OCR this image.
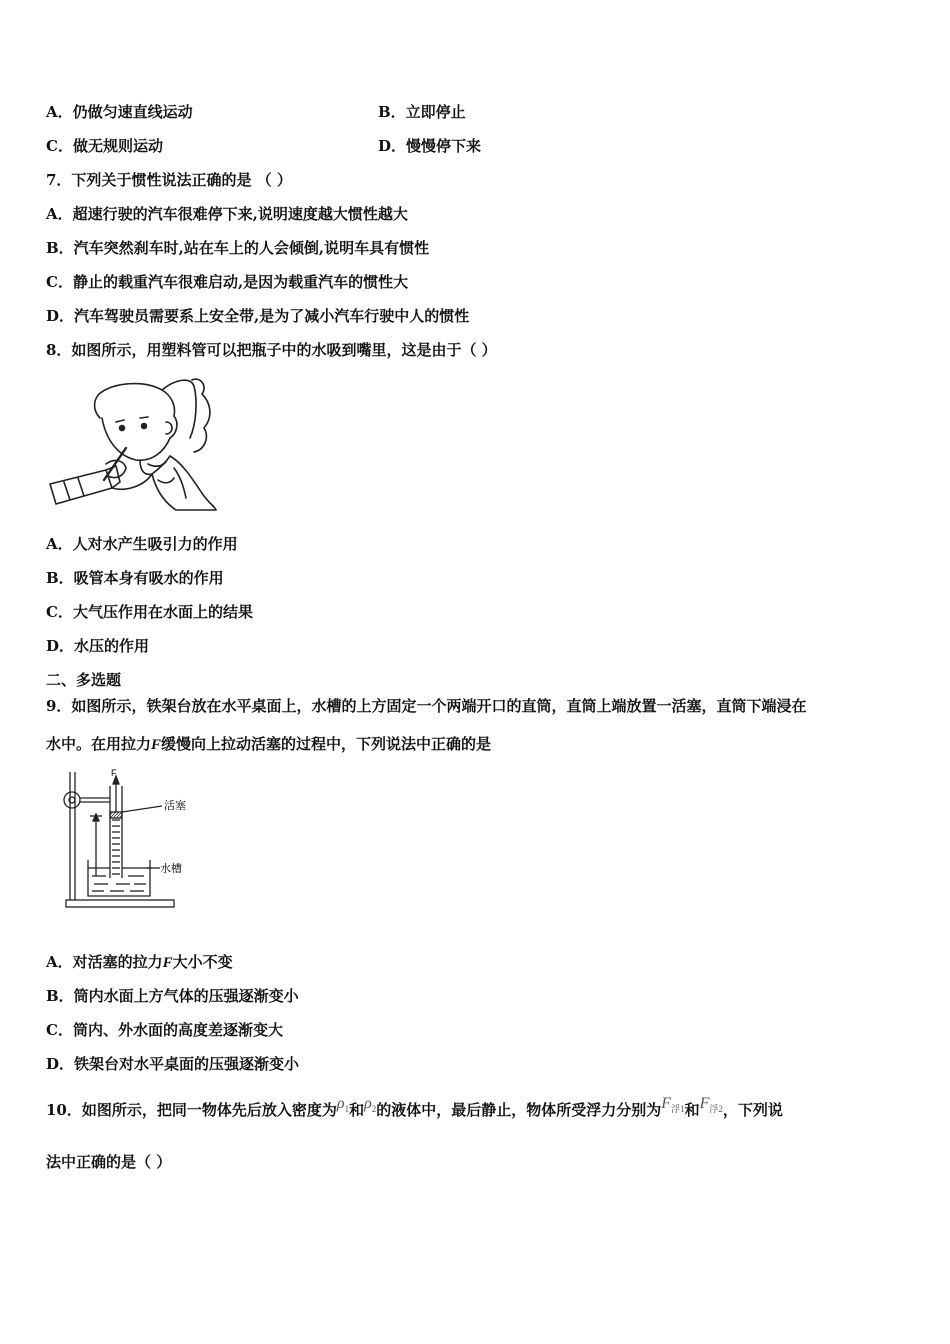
A．仍做匀速直线运动	B．立即停止
C．做无规则运动	D．慢慢停下来
7．下列关于惯性说法正确的是 （ ）
A．超速行驶的汽车很难停下来,说明速度越大惯性越大
B．汽车突然刹车时,站在车上的人会倾倒,说明车具有惯性
C．静止的载重汽车很难启动,是因为载重汽车的惯性大
D．汽车驾驶员需要系上安全带,是为了减小汽车行驶中人的惯性
8．如图所示，用塑料管可以把瓶子中的水吸到嘴里，这是由于（ ）
A．人对水产生吸引力的作用
B．吸管本身有吸水的作用
C．大气压作用在水面上的结果
D．水压的作用
二、多选题
9．如图所示，铁架台放在水平桌面上，水槽的上方固定一个两端开口的直筒，直筒上端放置一活塞，直筒下端浸在
水中。在用拉力F缓慢向上拉动活塞的过程中，下列说法中正确的是
F
活塞
水槽
A．对活塞的拉力F大小不变
B．筒内水面上方气体的压强逐渐变小
C．筒内、外水面的高度差逐渐变大
D．铁架台对水平桌面的压强逐渐变小
10．如图所示，把同一物体先后放入密度为$\rho_1$和$\rho_2$的液体中，最后静止，物体所受浮力分别为$F_{浮1}$和$F_{浮2}$，下列说
法中正确的是（ ）
